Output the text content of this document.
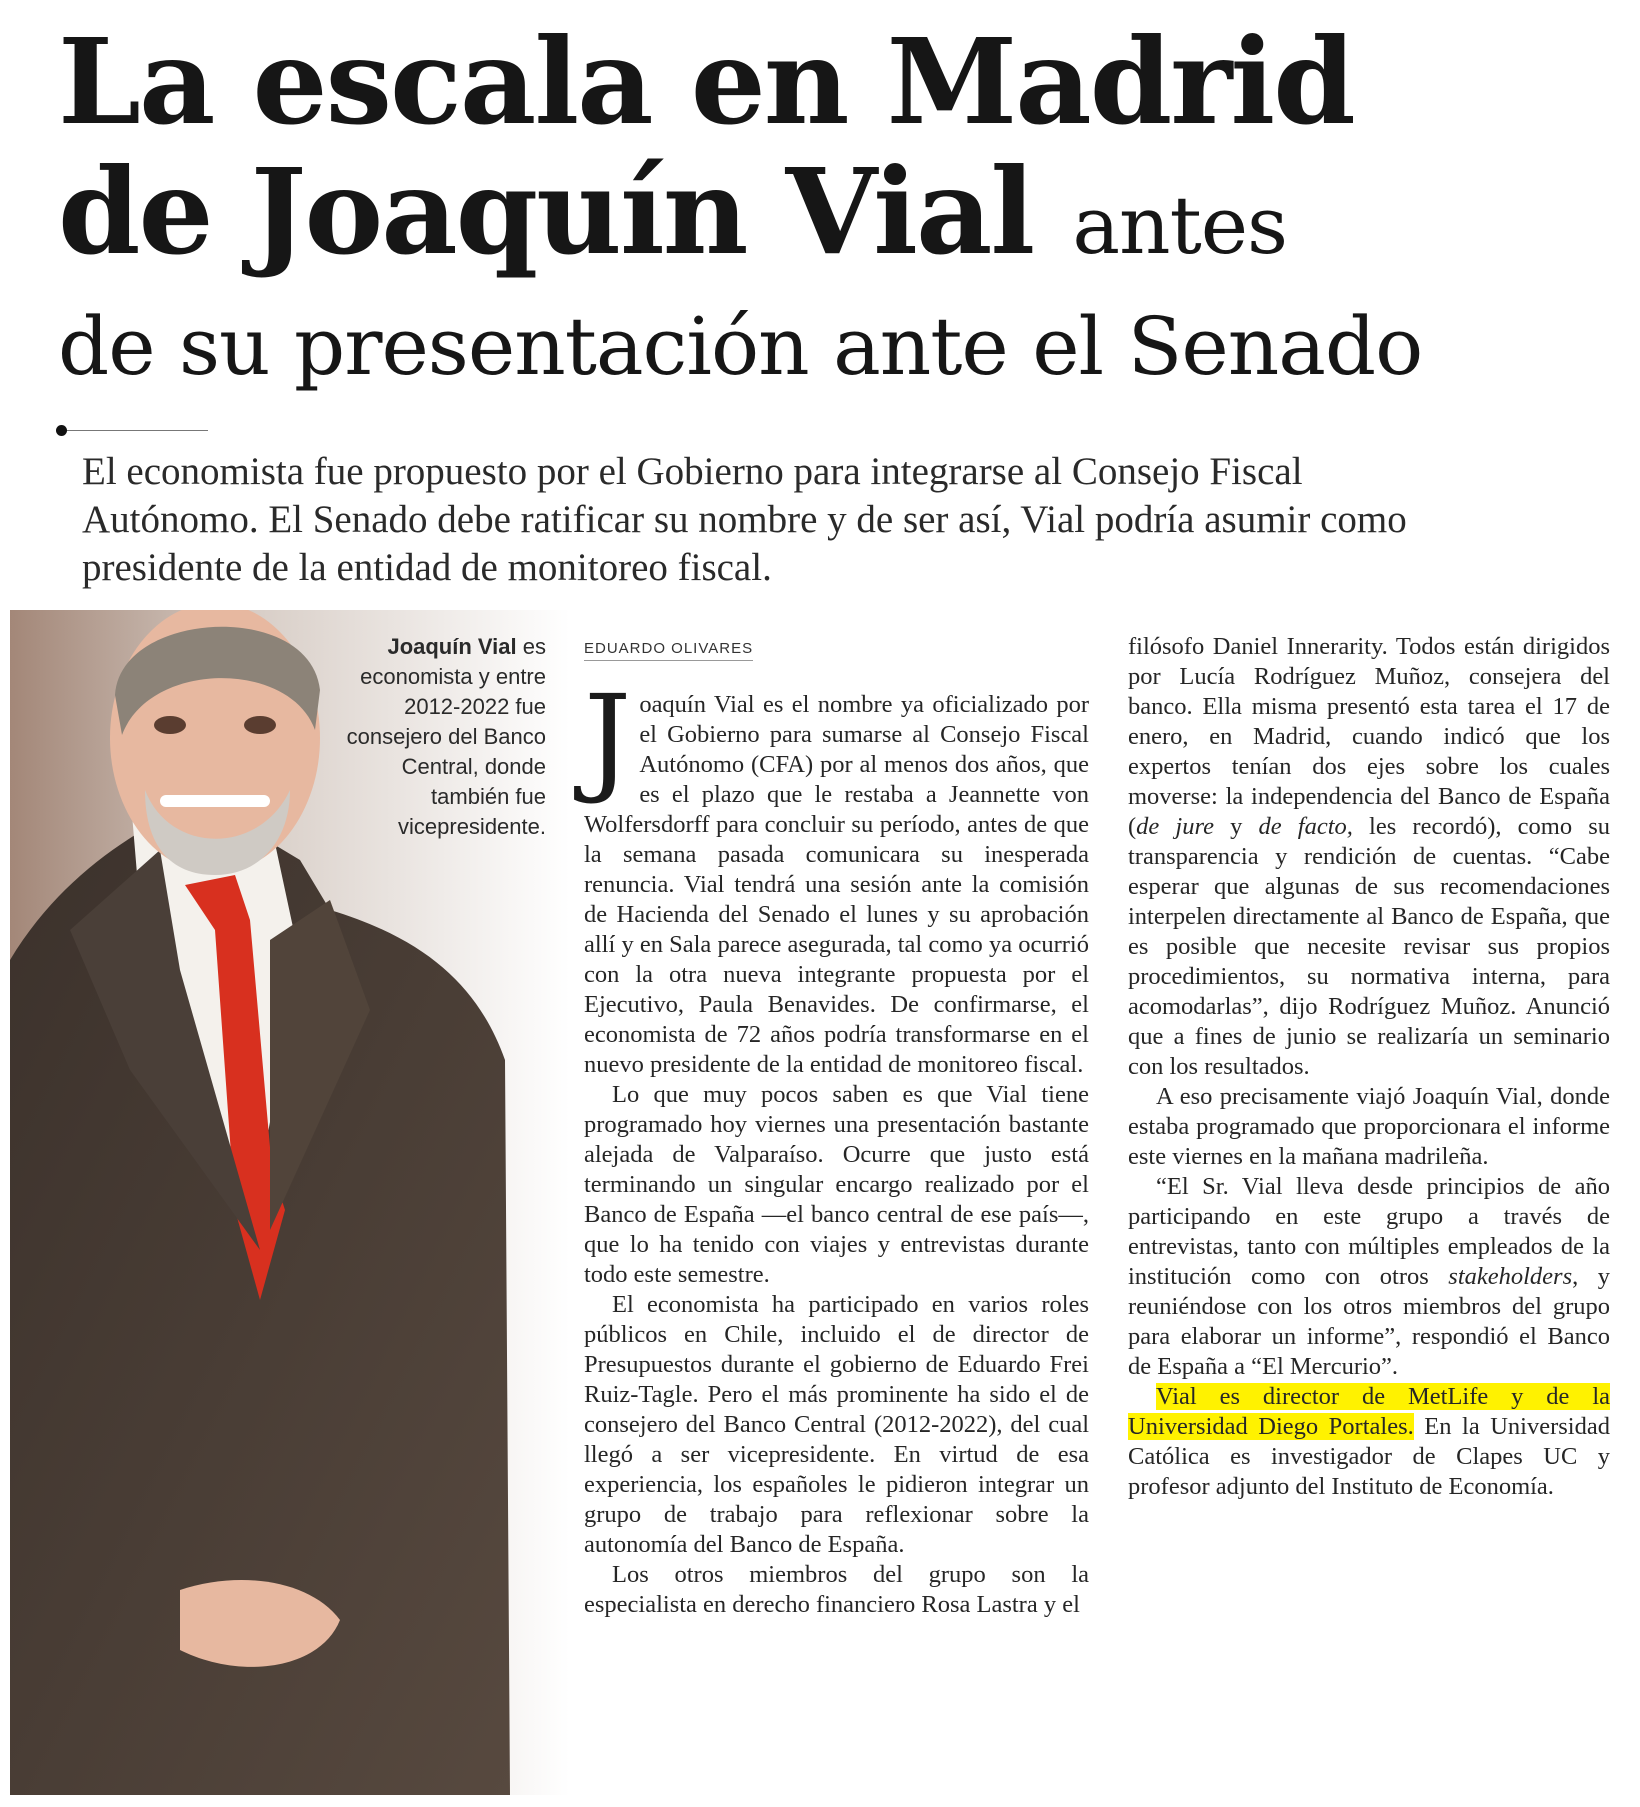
La escala en Madrid
de Joaquín Vial antes
de su presentación ante el Senado
El economista fue propuesto por el Gobierno para integrarse al Consejo Fiscal Autónomo. El Senado debe ratificar su nombre y de ser así, Vial podría asumir como presidente de la entidad de monitoreo fiscal.
Joaquín Vial es economista y entre 2012-2022 fue consejero del Banco Central, donde también fue vicepresidente.
EDUARDO OLIVARES

Joaquín Vial es el nombre ya oficializado por el Gobierno para sumarse al Consejo Fiscal Autónomo (CFA) por al menos dos años, que es el plazo que le restaba a Jeannette von Wolfersdorff para concluir su período, antes de que la semana pasada comunicara su inesperada renuncia. Vial tendrá una sesión ante la comisión de Hacienda del Senado el lunes y su aprobación allí y en Sala parece asegurada, tal como ya ocurrió con la otra nueva integrante propuesta por el Ejecutivo, Paula Benavides. De confirmarse, el economista de 72 años podría transformarse en el nuevo presidente de la entidad de monitoreo fiscal.

Lo que muy pocos saben es que Vial tiene programado hoy viernes una presentación bastante alejada de Valparaíso. Ocurre que justo está terminando un singular encargo realizado por el Banco de España —el banco central de ese país—, que lo ha tenido con viajes y entrevistas durante todo este semestre.

El economista ha participado en varios roles públicos en Chile, incluido el de director de Presupuestos durante el gobierno de Eduardo Frei Ruiz-Tagle. Pero el más prominente ha sido el de consejero del Banco Central (2012-2022), del cual llegó a ser vicepresidente. En virtud de esa experiencia, los españoles le pidieron integrar un grupo de trabajo para reflexionar sobre la autonomía del Banco de España.

Los otros miembros del grupo son la especialista en derecho financiero Rosa Lastra y el

filósofo Daniel Innerarity. Todos están dirigidos por Lucía Rodríguez Muñoz, consejera del banco. Ella misma presentó esta tarea el 17 de enero, en Madrid, cuando indicó que los expertos tenían dos ejes sobre los cuales moverse: la independencia del Banco de España (de jure y de facto, les recordó), como su transparencia y rendición de cuentas. “Cabe esperar que algunas de sus recomendaciones interpelen directamente al Banco de España, que es posible que necesite revisar sus propios procedimientos, su normativa interna, para acomodarlas”, dijo Rodríguez Muñoz. Anunció que a fines de junio se realizaría un seminario con los resultados.

A eso precisamente viajó Joaquín Vial, donde estaba programado que proporcionara el informe este viernes en la mañana madrileña.

“El Sr. Vial lleva desde principios de año participando en este grupo a través de entrevistas, tanto con múltiples empleados de la institución como con otros stakeholders, y reuniéndose con los otros miembros del grupo para elaborar un informe”, respondió el Banco de España a “El Mercurio”.

Vial es director de MetLife y de la Universidad Diego Portales. En la Universidad Católica es investigador de Clapes UC y profesor adjunto del Instituto de Economía.
